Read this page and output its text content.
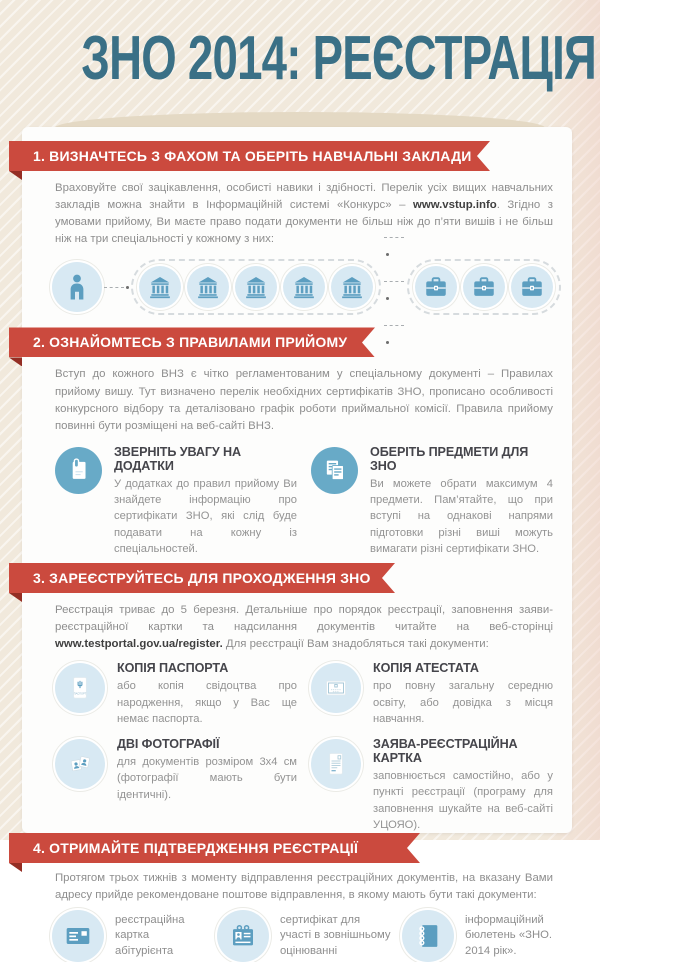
ЗНО 2014: РЕЄСТРАЦІЯ
1. ВИЗНАЧТЕСЬ З ФАХОМ ТА ОБЕРІТЬ НАВЧАЛЬНІ ЗАКЛАДИ

Враховуйте свої зацікавлення, особисті навики і здібності. Перелік усіх вищих навчальних закладів можна знайти в Інформаційній системі «Конкурс» – www.vstup.info. Згідно з умовами прийому, Ви маєте право подати документи не більш ніж до п’яти вишів і не більш ніж на три спеціальності у кожному з них:

2. ОЗНАЙОМТЕСЬ З ПРАВИЛАМИ ПРИЙОМУ

Вступ до кожного ВНЗ є чітко регламентованим у спеціальному документі – Правилах прийому вишу. Тут визначено перелік необхідних сертифікатів ЗНО, прописано особливості конкурсного відбору та деталізовано графік роботи приймальної комісії. Правила прийому повинні бути розміщені на веб-сайті ВНЗ.

ЗВЕРНІТЬ УВАГУ НА ДОДАТКИ
У додатках до правил прийому Ви знайдете інформацію про сертифікати ЗНО, які слід буде подавати на кожну із спеціальностей.
ОБЕРІТЬ ПРЕДМЕТИ ДЛЯ ЗНО
Ви можете обрати максимум 4 предмети. Пам’ятайте, що при вступі на однакові напрями підготовки різні виші можуть вимагати різні сертифікати ЗНО.
3. ЗАРЕЄСТРУЙТЕСЬ ДЛЯ ПРОХОДЖЕННЯ ЗНО

Реєстрація триває до 5 березня. Детальніше про порядок реєстрації, заповнення заяви-реєстраційної картки та надсилання документів читайте на веб-сторінці www.testportal.gov.ua/register. Для реєстрації Вам знадобляться такі документи:

ПАСПОРТ
КОПІЯ ПАСПОРТА
або копія свідоцтва про народження, якщо у Вас ще немає паспорта.
КОПІЯ АТЕСТАТА
про повну загальну середню освіту, або довідка з місця навчання.
ДВІ ФОТОГРАФІЇ
для документів розміром 3х4 см (фотографії мають бути ідентичні).
ЗАЯВА-РЕЄСТРАЦІЙНА КАРТКА
заповнюється самостійно, або у пункті реєстрації (програму для заповнення шукайте на веб-сайті УЦОЯО).
4. ОТРИМАЙТЕ ПІДТВЕРДЖЕННЯ РЕЄСТРАЦІЇ

Протягом трьох тижнів з моменту відправлення реєстраційних документів, на вказану Вами адресу прийде рекомендоване поштове відправлення, в якому мають бути такі документи:

реєстраційна картка абітурієнта
сертифікат для участі в зовнішньому оцінюванні
інформаційний бюлетень «ЗНО. 2014 рік».
